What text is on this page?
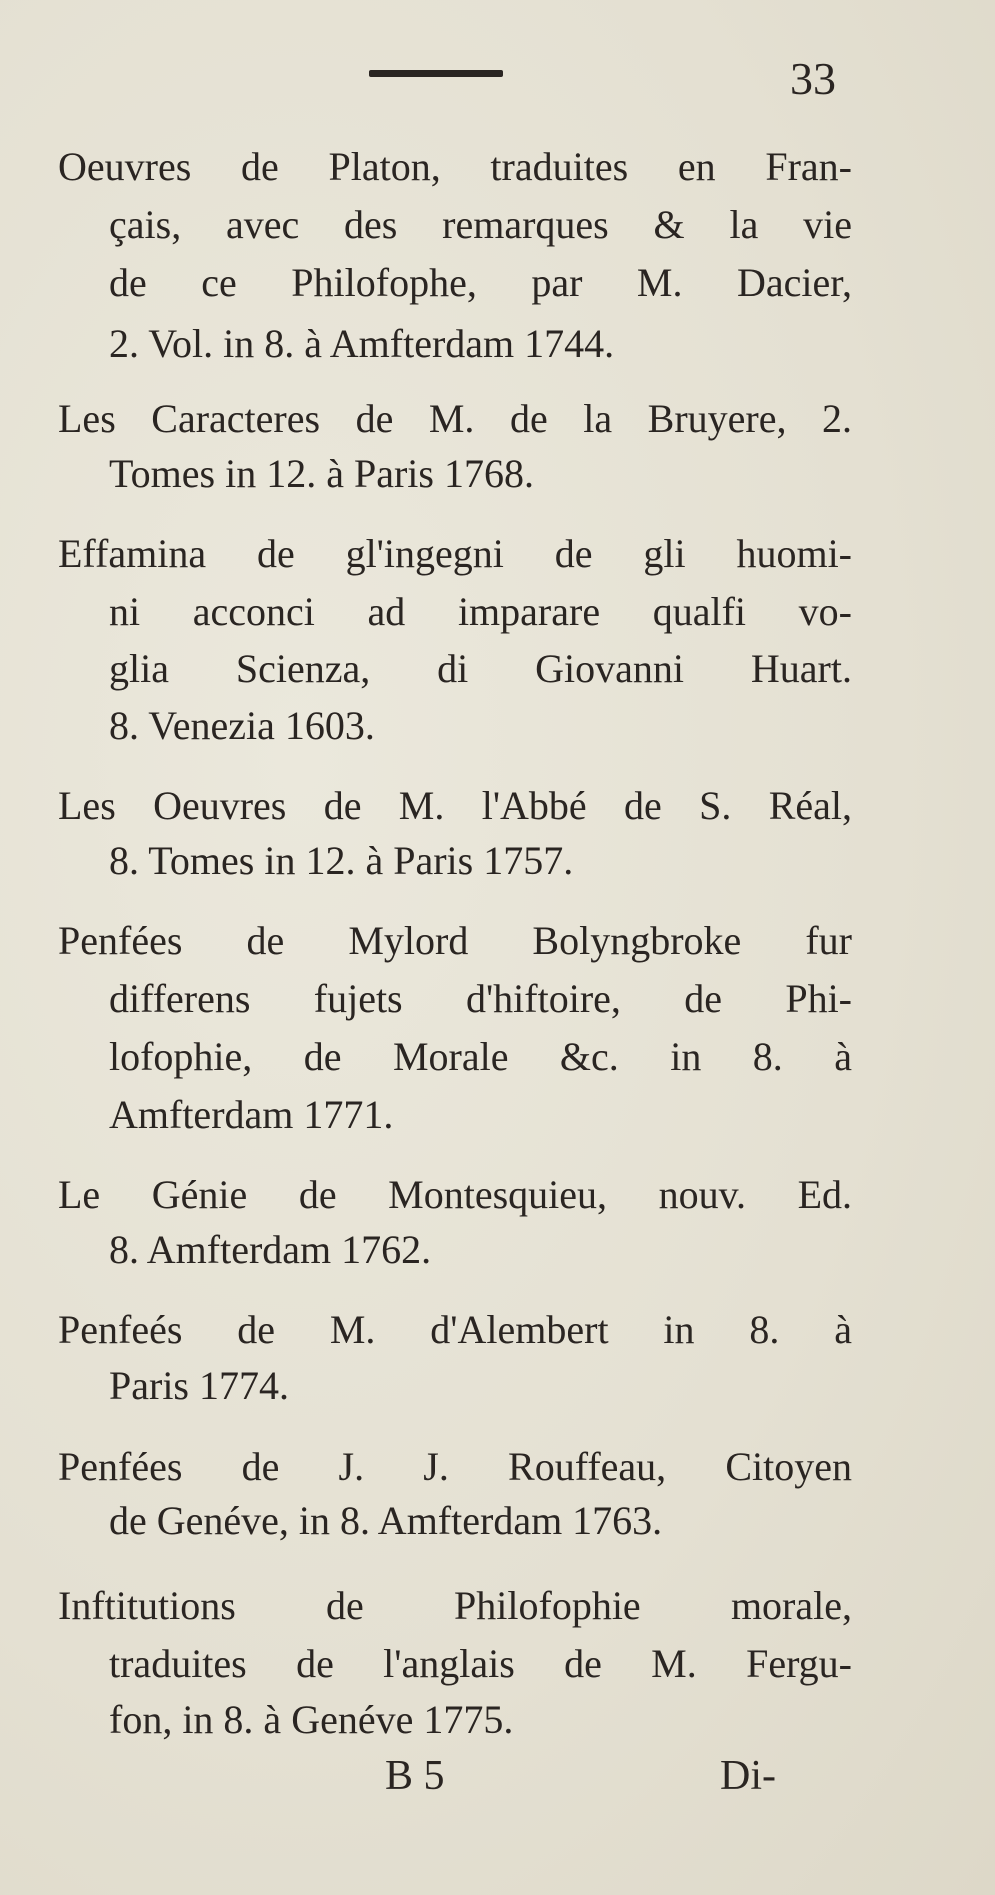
33
Oeuvres de Platon, traduites en Fran-
çais, avec des remarques & la vie
de ce Philofophe, par M. Dacier,
2. Vol. in 8. à Amfterdam 1744.
Les Caracteres de M. de la Bruyere, 2.
Tomes in 12. à Paris 1768.
Effamina de gl'ingegni de gli huomi-
ni acconci ad imparare qualfi vo-
glia Scienza, di Giovanni Huart.
8. Venezia 1603.
Les Oeuvres de M. l'Abbé de S. Réal,
8. Tomes in 12. à Paris 1757.
Penfées de Mylord Bolyngbroke fur
differens fujets d'hiftoire, de Phi-
lofophie, de Morale &c. in 8. à
Amfterdam 1771.
Le Génie de Montesquieu, nouv. Ed.
8. Amfterdam 1762.
Penfeés de M. d'Alembert in 8. à
Paris 1774.
Penfées de J. J. Rouffeau, Citoyen
de Genéve, in 8. Amfterdam 1763.
Inftitutions de Philofophie morale,
traduites de l'anglais de M. Fergu-
fon, in 8. à Genéve 1775.
B 5	Di-
